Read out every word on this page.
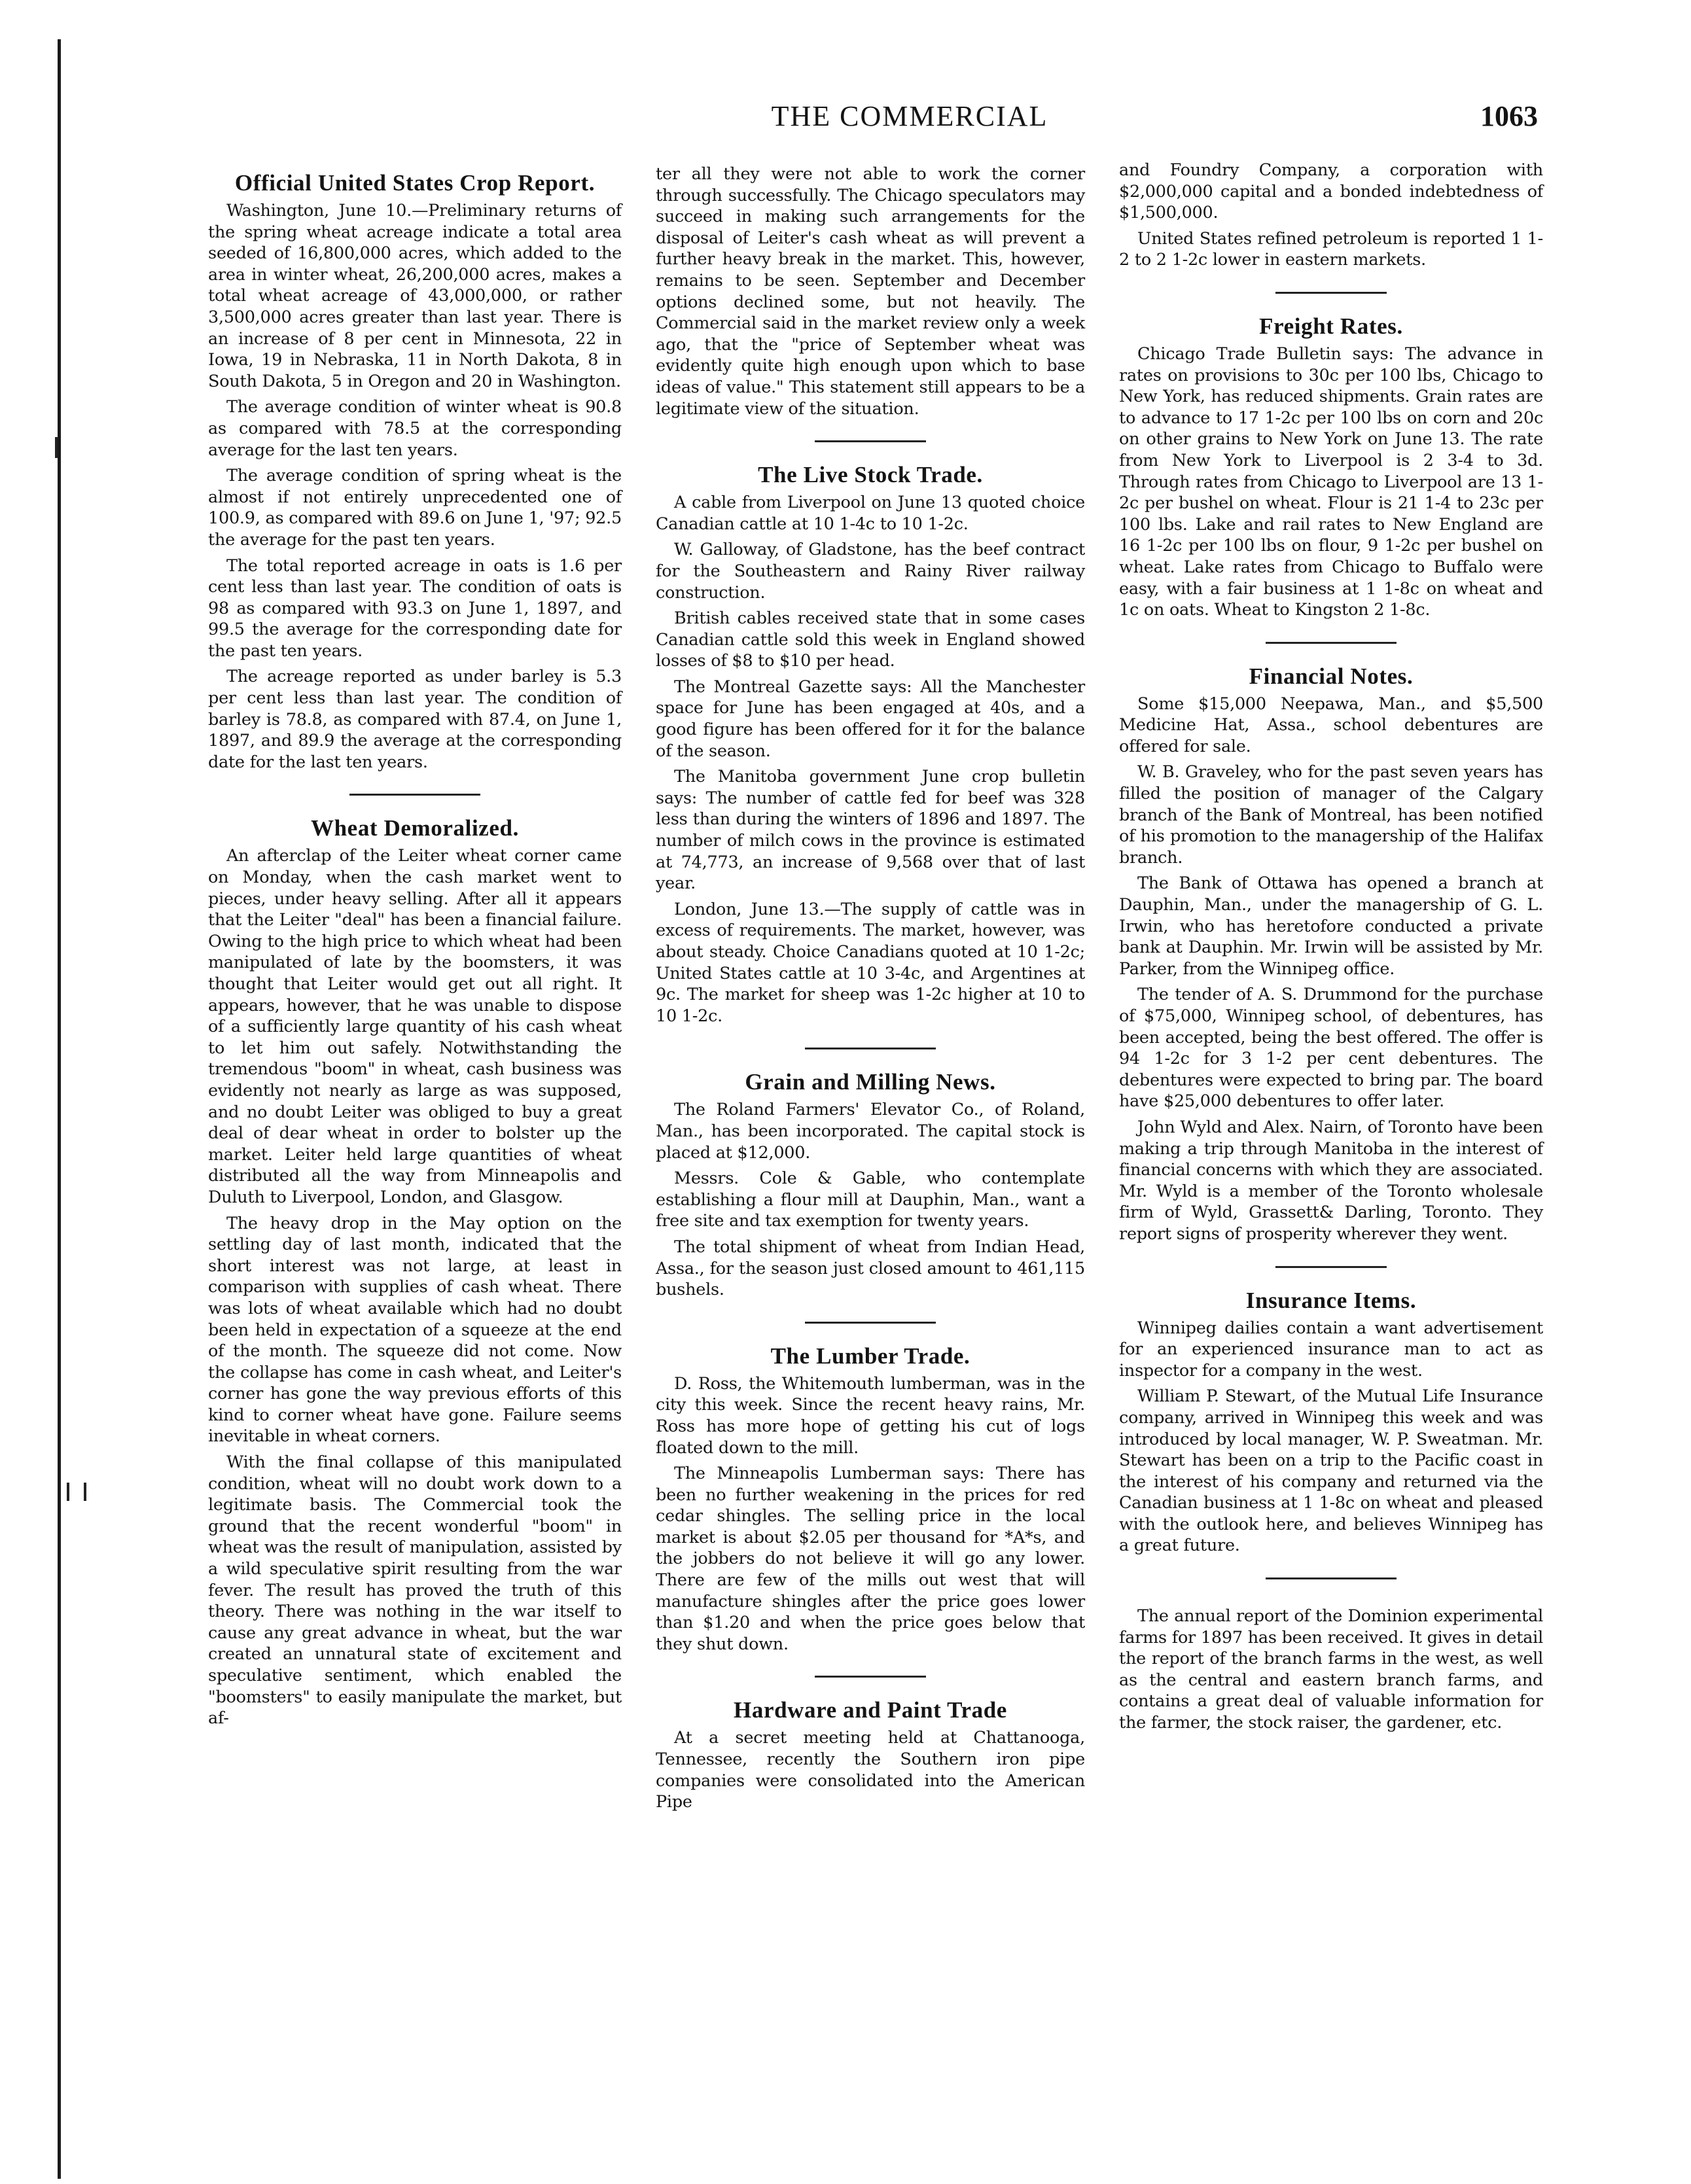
THE COMMERCIAL	1063
Official United States Crop Report.

Washington, June 10.—Preliminary returns of the spring wheat acreage indicate a total area seeded of 16,800,000 acres, which added to the area in winter wheat, 26,200,000 acres, makes a total wheat acreage of 43,000,000, or rather 3,500,000 acres greater than last year. There is an increase of 8 per cent in Minnesota, 22 in Iowa, 19 in Nebraska, 11 in North Dakota, 8 in South Dakota, 5 in Oregon and 20 in Washington.

The average condition of winter wheat is 90.8 as compared with 78.5 at the corresponding average for the last ten years.

The average condition of spring wheat is the almost if not entirely unprecedented one of 100.9, as compared with 89.6 on June 1, '97; 92.5 the average for the past ten years.

The total reported acreage in oats is 1.6 per cent less than last year. The condition of oats is 98 as compared with 93.3 on June 1, 1897, and 99.5 the average for the corresponding date for the past ten years.

The acreage reported as under barley is 5.3 per cent less than last year. The condition of barley is 78.8, as compared with 87.4, on June 1, 1897, and 89.9 the average at the corresponding date for the last ten years.

Wheat Demoralized.

An afterclap of the Leiter wheat corner came on Monday, when the cash market went to pieces, under heavy selling. After all it appears that the Leiter "deal" has been a financial failure. Owing to the high price to which wheat had been manipulated of late by the boomsters, it was thought that Leiter would get out all right. It appears, however, that he was unable to dispose of a sufficiently large quantity of his cash wheat to let him out safely. Notwithstanding the tremendous "boom" in wheat, cash business was evidently not nearly as large as was supposed, and no doubt Leiter was obliged to buy a great deal of dear wheat in order to bolster up the market. Leiter held large quantities of wheat distributed all the way from Minneapolis and Duluth to Liverpool, London, and Glasgow.

The heavy drop in the May option on the settling day of last month, indicated that the short interest was not large, at least in comparison with supplies of cash wheat. There was lots of wheat available which had no doubt been held in expectation of a squeeze at the end of the month. The squeeze did not come. Now the collapse has come in cash wheat, and Leiter's corner has gone the way previous efforts of this kind to corner wheat have gone. Failure seems inevitable in wheat corners.

With the final collapse of this manipulated condition, wheat will no doubt work down to a legitimate basis. The Commercial took the ground that the recent wonderful "boom" in wheat was the result of manipulation, assisted by a wild speculative spirit resulting from the war fever. The result has proved the truth of this theory. There was nothing in the war itself to cause any great advance in wheat, but the war created an unnatural state of excitement and speculative sentiment, which enabled the "boomsters" to easily manipulate the market, but af-

ter all they were not able to work the corner through successfully. The Chicago speculators may succeed in making such arrangements for the disposal of Leiter's cash wheat as will prevent a further heavy break in the market. This, however, remains to be seen. September and December options declined some, but not heavily. The Commercial said in the market review only a week ago, that the "price of September wheat was evidently quite high enough upon which to base ideas of value." This statement still appears to be a legitimate view of the situation.

The Live Stock Trade.

A cable from Liverpool on June 13 quoted choice Canadian cattle at 10 1-4c to 10 1-2c.

W. Galloway, of Gladstone, has the beef contract for the Southeastern and Rainy River railway construction.

British cables received state that in some cases Canadian cattle sold this week in England showed losses of $8 to $10 per head.

The Montreal Gazette says: All the Manchester space for June has been engaged at 40s, and a good figure has been offered for it for the balance of the season.

The Manitoba government June crop bulletin says: The number of cattle fed for beef was 328 less than during the winters of 1896 and 1897. The number of milch cows in the province is estimated at 74,773, an increase of 9,568 over that of last year.

London, June 13.—The supply of cattle was in excess of requirements. The market, however, was about steady. Choice Canadians quoted at 10 1-2c; United States cattle at 10 3-4c, and Argentines at 9c. The market for sheep was 1-2c higher at 10 to 10 1-2c.

Grain and Milling News.

The Roland Farmers' Elevator Co., of Roland, Man., has been incorporated. The capital stock is placed at $12,000.

Messrs. Cole & Gable, who contemplate establishing a flour mill at Dauphin, Man., want a free site and tax exemption for twenty years.

The total shipment of wheat from Indian Head, Assa., for the season just closed amount to 461,115 bushels.

The Lumber Trade.

D. Ross, the Whitemouth lumberman, was in the city this week. Since the recent heavy rains, Mr. Ross has more hope of getting his cut of logs floated down to the mill.

The Minneapolis Lumberman says: There has been no further weakening in the prices for red cedar shingles. The selling price in the local market is about $2.05 per thousand for *A*s, and the jobbers do not believe it will go any lower. There are few of the mills out west that will manufacture shingles after the price goes lower than $1.20 and when the price goes below that they shut down.

Hardware and Paint Trade

At a secret meeting held at Chattanooga, Tennessee, recently the Southern iron pipe companies were consolidated into the American Pipe

and Foundry Company, a corporation with $2,000,000 capital and a bonded indebtedness of $1,500,000.

United States refined petroleum is reported 1 1-2 to 2 1-2c lower in eastern markets.

Freight Rates.

Chicago Trade Bulletin says: The advance in rates on provisions to 30c per 100 lbs, Chicago to New York, has reduced shipments. Grain rates are to advance to 17 1-2c per 100 lbs on corn and 20c on other grains to New York on June 13. The rate from New York to Liverpool is 2 3-4 to 3d. Through rates from Chicago to Liverpool are 13 1-2c per bushel on wheat. Flour is 21 1-4 to 23c per 100 lbs. Lake and rail rates to New England are 16 1-2c per 100 lbs on flour, 9 1-2c per bushel on wheat. Lake rates from Chicago to Buffalo were easy, with a fair business at 1 1-8c on wheat and 1c on oats. Wheat to Kingston 2 1-8c.

Financial Notes.

Some $15,000 Neepawa, Man., and $5,500 Medicine Hat, Assa., school debentures are offered for sale.

W. B. Graveley, who for the past seven years has filled the position of manager of the Calgary branch of the Bank of Montreal, has been notified of his promotion to the managership of the Halifax branch.

The Bank of Ottawa has opened a branch at Dauphin, Man., under the managership of G. L. Irwin, who has heretofore conducted a private bank at Dauphin. Mr. Irwin will be assisted by Mr. Parker, from the Winnipeg office.

The tender of A. S. Drummond for the purchase of $75,000, Winnipeg school, of debentures, has been accepted, being the best offered. The offer is 94 1-2c for 3 1-2 per cent debentures. The debentures were expected to bring par. The board have $25,000 debentures to offer later.

John Wyld and Alex. Nairn, of Toronto have been making a trip through Manitoba in the interest of financial concerns with which they are associated. Mr. Wyld is a member of the Toronto wholesale firm of Wyld, Grassett& Darling, Toronto. They report signs of prosperity wherever they went.

Insurance Items.

Winnipeg dailies contain a want advertisement for an experienced insurance man to act as inspector for a company in the west.

William P. Stewart, of the Mutual Life Insurance company, arrived in Winnipeg this week and was introduced by local manager, W. P. Sweatman. Mr. Stewart has been on a trip to the Pacific coast in the interest of his company and returned via the Canadian business at 1 1-8c on wheat and pleased with the outlook here, and believes Winnipeg has a great future.

The annual report of the Dominion experimental farms for 1897 has been received. It gives in detail the report of the branch farms in the west, as well as the central and eastern branch farms, and contains a great deal of valuable information for the farmer, the stock raiser, the gardener, etc.
